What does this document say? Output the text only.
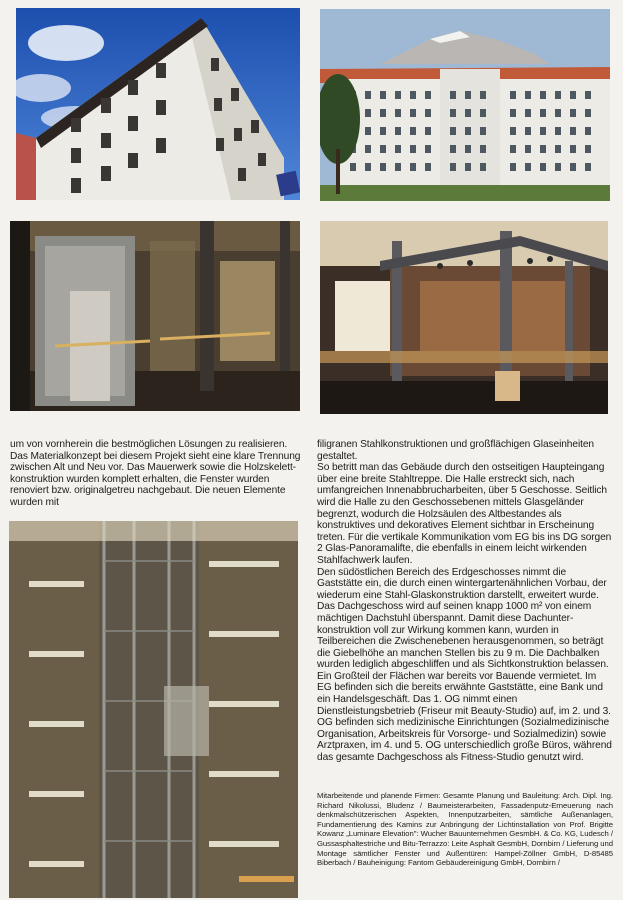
um von vornherein die bestmöglichen Lösungen zu realisieren. Das Materialkonzept bei diesem Projekt sieht eine klare Trennung zwischen Alt und Neu vor. Das Mauerwerk sowie die Holzskelettkonstruktion wurden komplett erhalten, die Fenster wurden renoviert bzw. originalgetreu nachgebaut. Die neuen Elemente wurden mit

filigranen Stahlkonstruktionen und großflächigen Glaseinheiten gestaltet.

So betritt man das Gebäude durch den ostseitigen Haupteingang über eine breite Stahltreppe. Die Halle erstreckt sich, nach umfangreichen Innenabbrucharbeiten, über 5 Geschosse. Seitlich wird die Halle zu den Geschossebenen mittels Glasgeländer begrenzt, wodurch die Holzsäulen des Altbestandes als konstruktives und dekoratives Element sichtbar in Erscheinung treten. Für die vertikale Kommunikation vom EG bis ins DG sorgen 2 Glas-Panoramalifte, die ebenfalls in einem leicht wirkenden Stahlfachwerk laufen.

Den südöstlichen Bereich des Erdgeschosses nimmt die Gaststätte ein, die durch einen wintergartenähnlichen Vorbau, der wiederum eine Stahl-Glaskonstruktion darstellt, erweitert wurde.

Das Dachgeschoss wird auf seinen knapp 1000 m² von einem mächtigen Dachstuhl überspannt. Damit diese Dachunterkonstruktion voll zur Wirkung kommen kann, wurden in Teilbereichen die Zwischenebenen herausgenommen, so beträgt die Giebelhöhe an manchen Stellen bis zu 9 m. Die Dachbalken wurden lediglich abgeschliffen und als Sichtkonstruktion belassen.

Ein Großteil der Flächen war bereits vor Bauende vermietet. Im EG befinden sich die bereits erwähnte Gaststätte, eine Bank und ein Handelsgeschäft. Das 1. OG nimmt einen Dienstleistungsbetrieb (Friseur mit Beauty-Studio) auf, im 2. und 3. OG befinden sich medizinische Einrichtungen (Sozialmedizinische Organisation, Arbeitskreis für Vorsorge- und Sozialmedizin) sowie Arztpraxen, im 4. und 5. OG unterschiedlich große Büros, während das gesamte Dachgeschoss als Fitness-Studio genutzt wird.

Mitarbeitende und planende Firmen: Gesamte Planung und Bauleitung: Arch. Dipl. Ing. Richard Nikolussi, Bludenz / Baumeisterarbeiten, Fassadenputz-Erneuerung nach denkmalschützerischen Aspekten, Innenputzarbeiten, sämtliche Außenanlagen, Fundamentierung des Kamins zur Anbringung der Lichtinstallation von Prof. Brigitte Kowanz „Luminare Elevation": Wucher Bauunternehmen GesmbH. & Co. KG, Ludesch / Gussasphaltestriche und Bitu-Terrazzo: Leite Asphalt GesmbH, Dornbirn / Lieferung und Montage sämtlicher Fenster und Außentüren: Hampel-Zöllner GmbH, D-85485 Biberbach / Bauheinigung: Fantom Gebäudereinigung GmbH, Dornbirn /
